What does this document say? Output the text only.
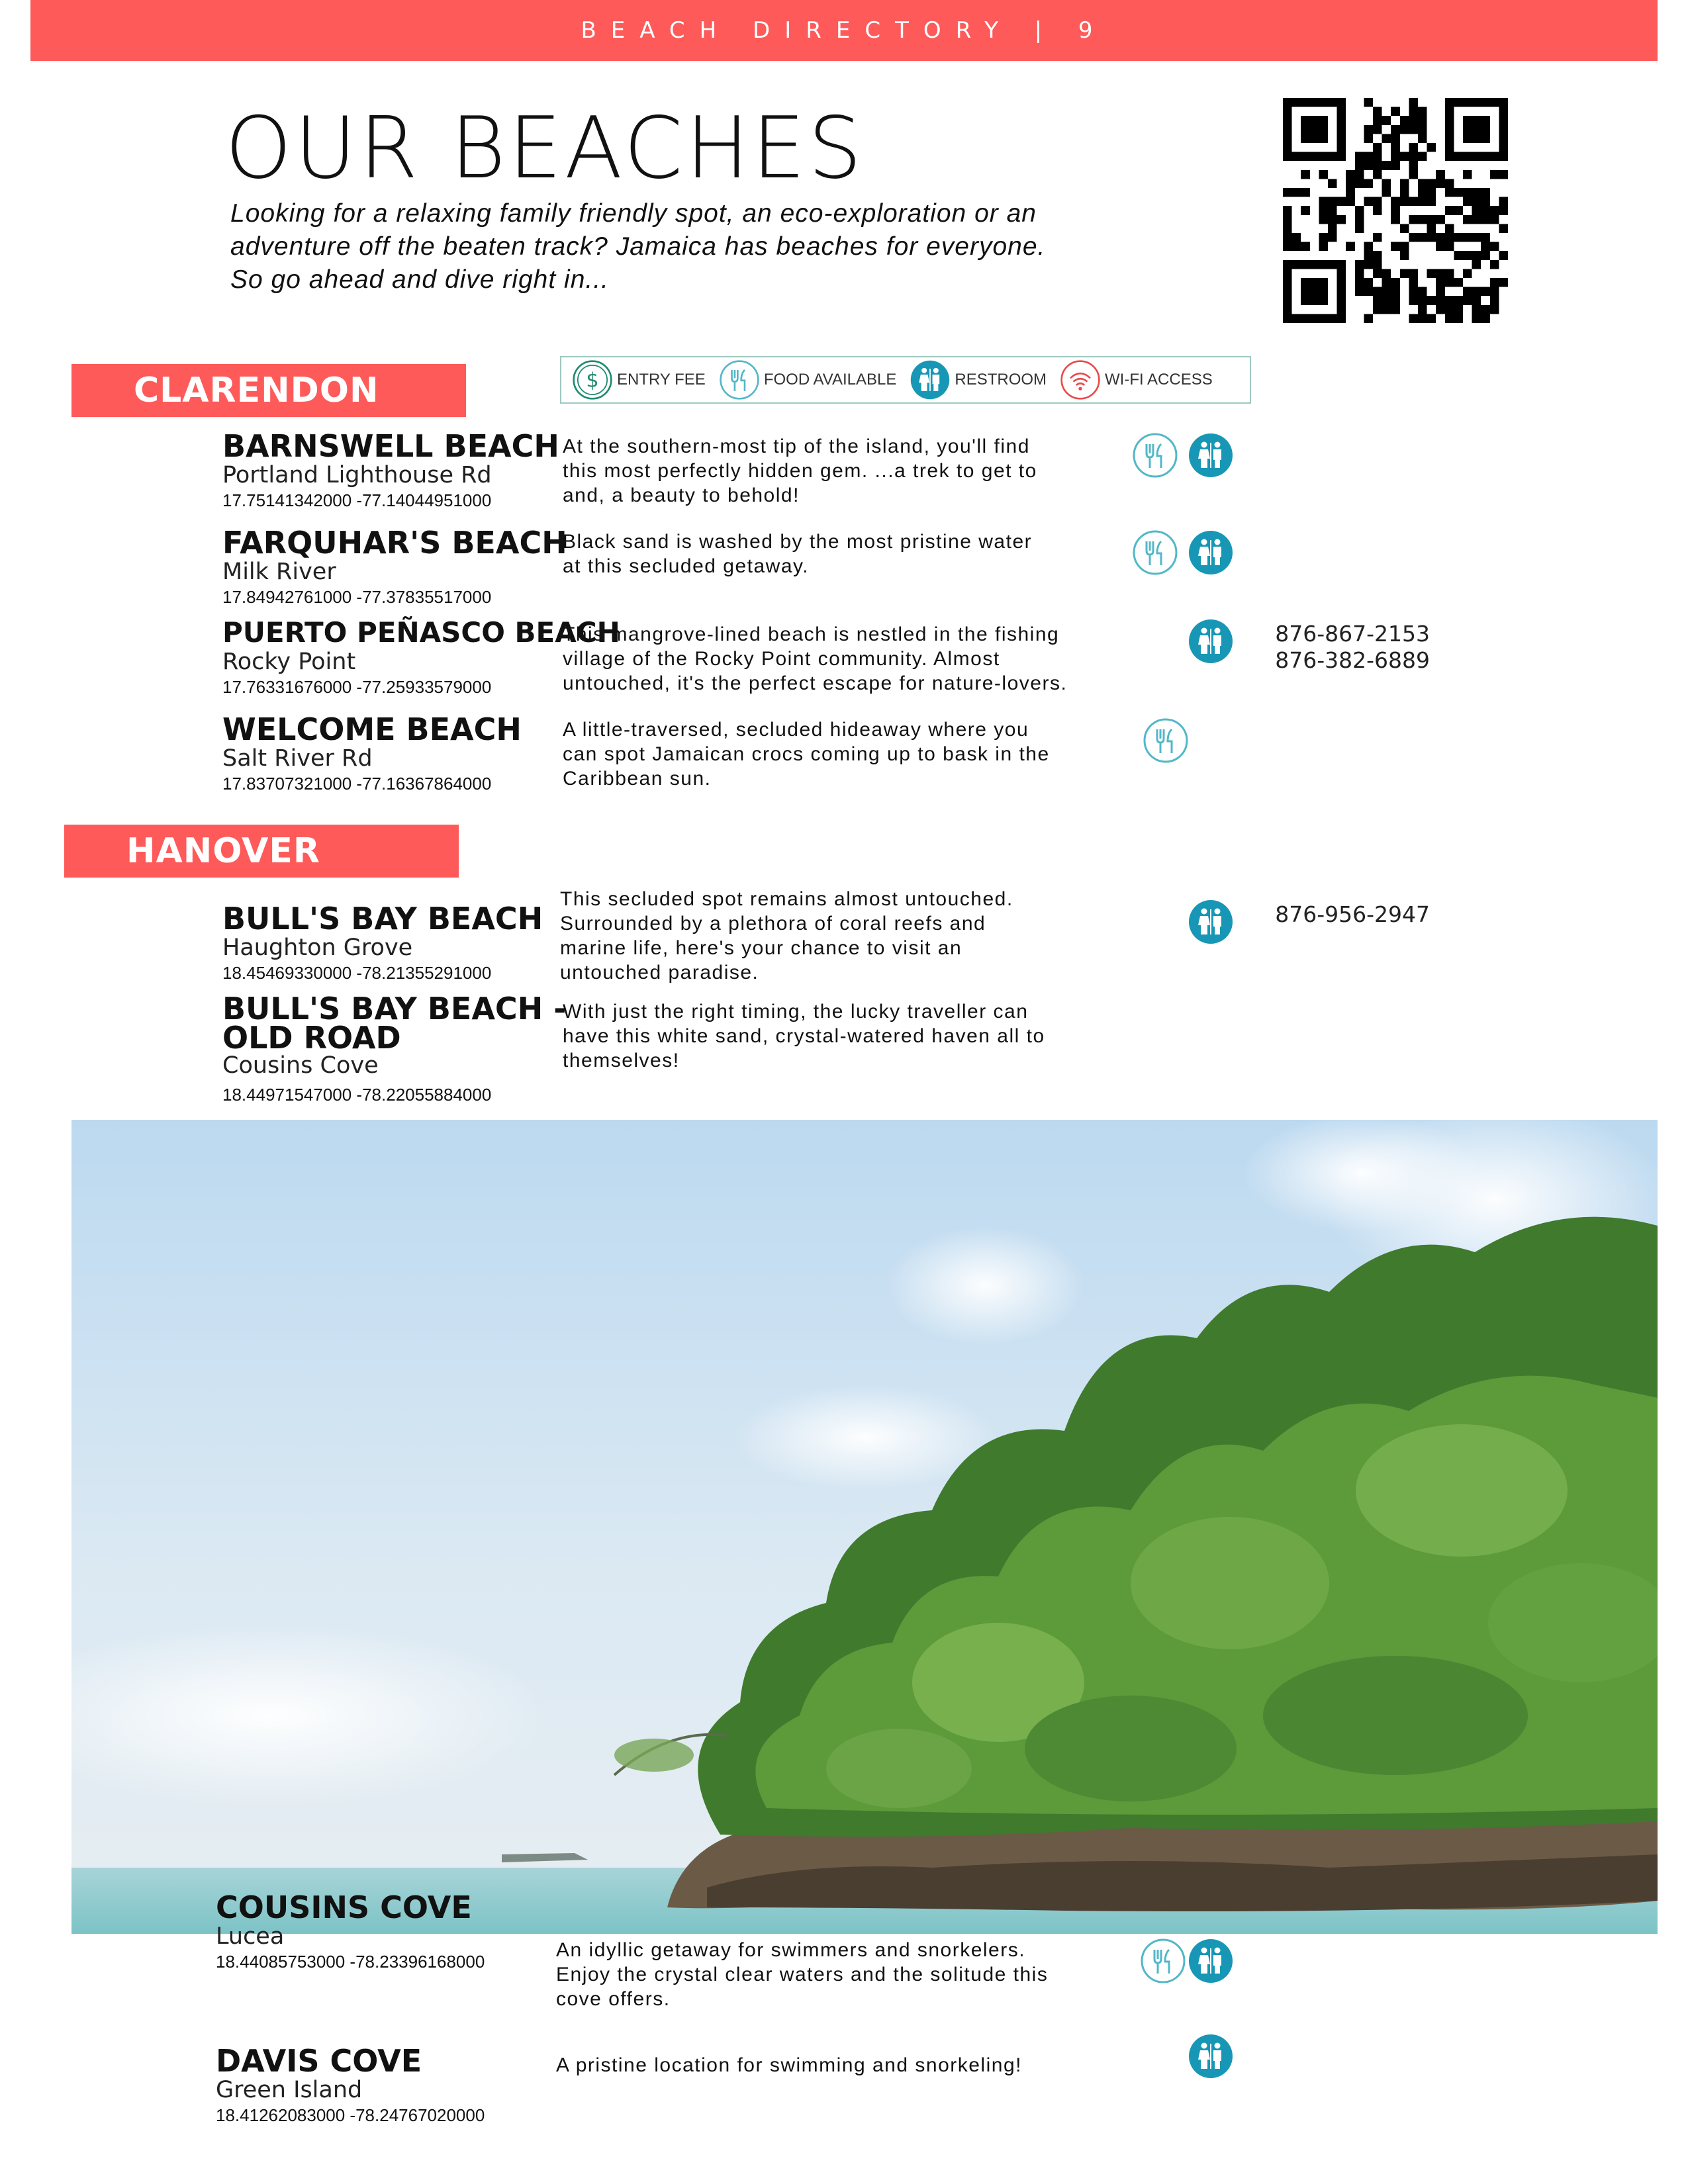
BEACH DIRECTORY | 9
OUR BEACHES
Looking for a relaxing family friendly spot, an eco-exploration or an
adventure off the beaten track? Jamaica has beaches for everyone.
So go ahead and dive right in...
CLARENDON
HANOVER
ENTRY FEE	FOOD AVAILABLE	RESTROOM	WI-FI ACCESS
BARNSWELL BEACH
Portland Lighthouse Rd
17.75141342000 -77.14044951000
At the southern-most tip of the island, you'll find
this most perfectly hidden gem. ...a trek to get to
and, a beauty to behold!
FARQUHAR'S BEACH
Milk River
17.84942761000 -77.37835517000
Black sand is washed by the most pristine water
at this secluded getaway.
PUERTO PEÑASCO BEACH
Rocky Point
17.76331676000 -77.25933579000
This mangrove-lined beach is nestled in the fishing
village of the Rocky Point community. Almost
untouched, it's the perfect escape for nature-lovers.
876-867-2153
876-382-6889
WELCOME BEACH
Salt River Rd
17.83707321000 -77.16367864000
A little-traversed, secluded hideaway where you
can spot Jamaican crocs coming up to bask in the
Caribbean sun.
BULL'S BAY BEACH
Haughton Grove
18.45469330000 -78.21355291000
This secluded spot remains almost untouched.
Surrounded by a plethora of coral reefs and
marine life, here's your chance to visit an
untouched paradise.
876-956-2947
BULL'S BAY BEACH -
OLD ROAD
Cousins Cove
18.44971547000 -78.22055884000
With just the right timing, the lucky traveller can
have this white sand, crystal-watered haven all to
themselves!
COUSINS COVE
Lucea
18.44085753000 -78.23396168000
An idyllic getaway for swimmers and snorkelers.
Enjoy the crystal clear waters and the solitude this
cove offers.
DAVIS COVE
Green Island
18.41262083000 -78.24767020000
A pristine location for swimming and snorkeling!
